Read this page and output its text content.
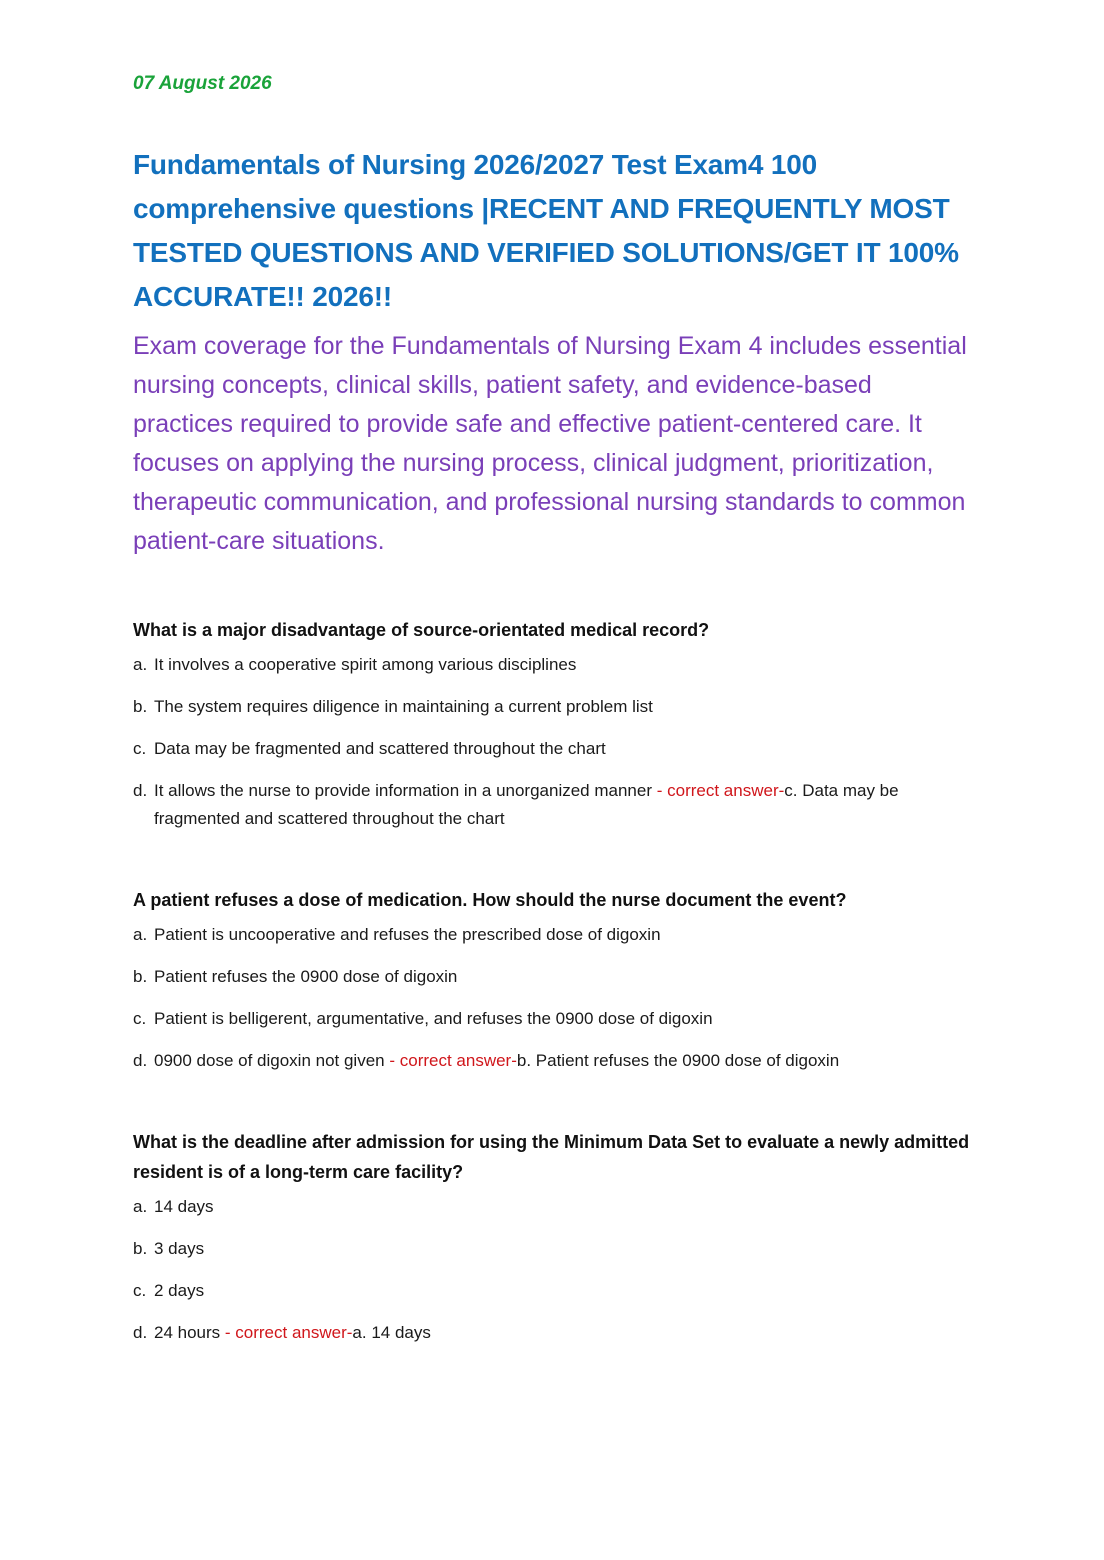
07 August 2026

Fundamentals of Nursing 2026/2027 Test Exam4 100 comprehensive questions |RECENT AND FREQUENTLY MOST TESTED QUESTIONS AND VERIFIED SOLUTIONS/GET IT 100% ACCURATE!! 2026!!

Exam coverage for the Fundamentals of Nursing Exam 4 includes essential nursing concepts, clinical skills, patient safety, and evidence-based practices required to provide safe and effective patient-centered care. It focuses on applying the nursing process, clinical judgment, prioritization, therapeutic communication, and professional nursing standards to common patient-care situations.

What is a major disadvantage of source-orientated medical record?
a. It involves a cooperative spirit among various disciplines
b. The system requires diligence in maintaining a current problem list
c. Data may be fragmented and scattered throughout the chart
d. It allows the nurse to provide information in a unorganized manner - correct answer-c. Data may be fragmented and scattered throughout the chart
A patient refuses a dose of medication. How should the nurse document the event?
a. Patient is uncooperative and refuses the prescribed dose of digoxin
b. Patient refuses the 0900 dose of digoxin
c. Patient is belligerent, argumentative, and refuses the 0900 dose of digoxin
d. 0900 dose of digoxin not given - correct answer-b. Patient refuses the 0900 dose of digoxin
What is the deadline after admission for using the Minimum Data Set to evaluate a newly admitted resident is of a long-term care facility?
a. 14 days
b. 3 days
c. 2 days
d. 24 hours - correct answer-a. 14 days
